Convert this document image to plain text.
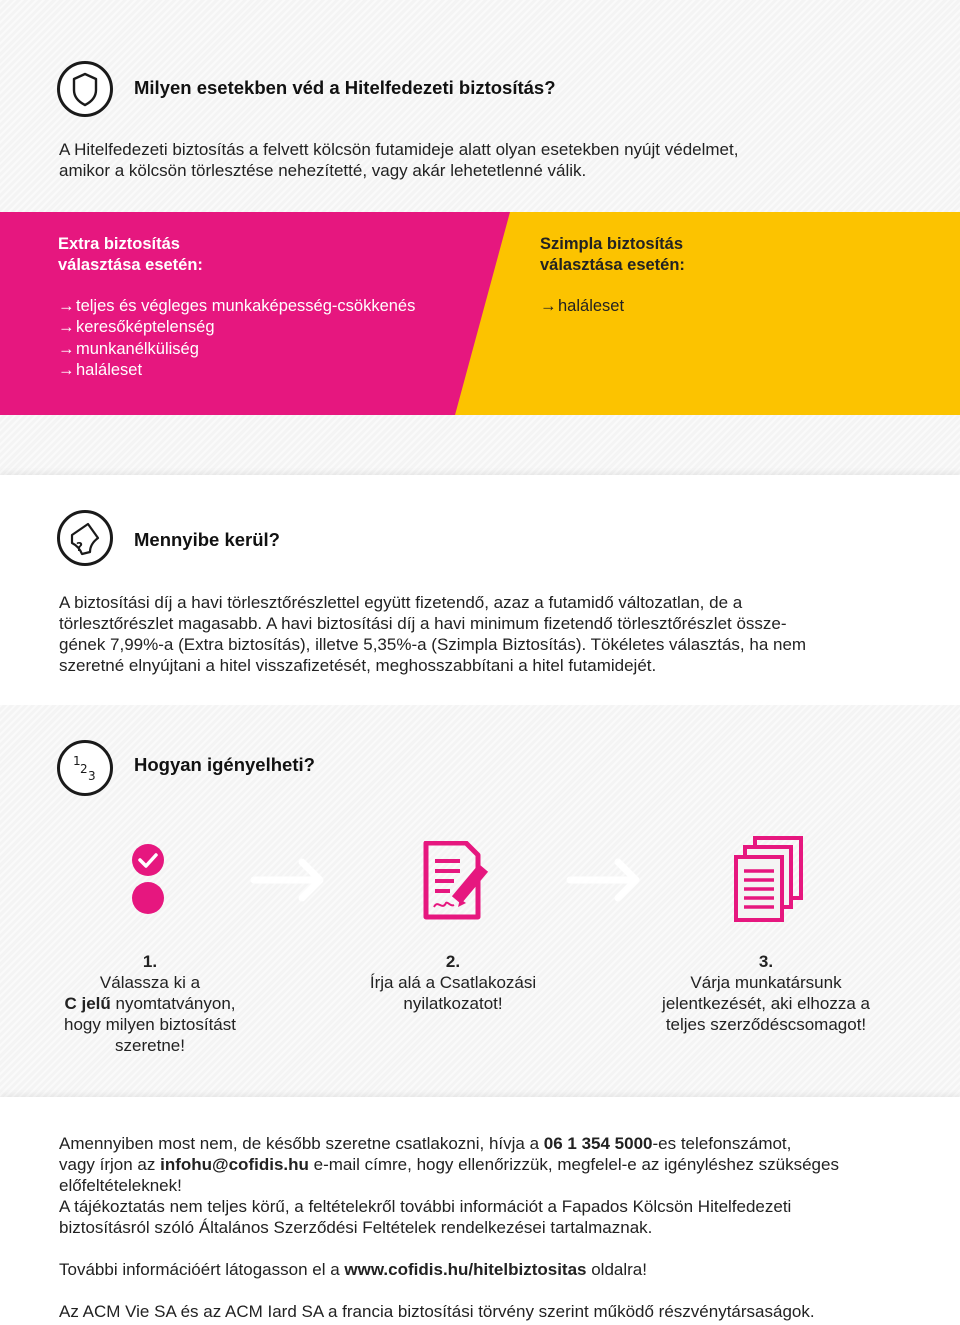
Milyen esetekben véd a Hitelfedezeti biztosítás?
A Hitelfedezeti biztosítás a felvett kölcsön futamideje alatt olyan esetekben nyújt védelmet,
amikor a kölcsön törlesztése nehezítetté, vagy akár lehetetlenné válik.
Extra biztosítás
választása esetén:
→ teljes és végleges munkaképesség-csökkenés
→ keresőképtelenség
→ munkanélküliség
→ haláleset
Szimpla biztosítás
választása esetén:
→ haláleset
?	Mennyibe kerül?
A biztosítási díj a havi törlesztőrészlettel együtt fizetendő, azaz a futamidő változatlan, de a
törlesztőrészlet magasabb. A havi biztosítási díj a havi minimum fizetendő törlesztőrészlet össze-
gének 7,99%-a (Extra biztosítás), illetve 5,35%-a (Szimpla Biztosítás). Tökéletes választás, ha nem
szeretné elnyújtani a hitel visszafizetését, meghosszabbítani a hitel futamidejét.
1
2 3
Hogyan igényelheti?
1.
Válassza ki a
C jelű nyomtatványon,
hogy milyen biztosítást
szeretne!
2.
Írja alá a Csatlakozási
nyilatkozatot!
3.
Várja munkatársunk
jelentkezését, aki elhozza a
teljes szerződéscsomagot!

Amennyiben most nem, de később szeretne csatlakozni, hívja a 06 1 354 5000-es telefonszámot,

vagy írjon az infohu@cofidis.hu e-mail címre, hogy ellenőrizzük, megfelel-e az igényléshez szükséges

előfeltételeknek!

A tájékoztatás nem teljes körű, a feltételekről további információt a Fapados Kölcsön Hitelfedezeti

biztosításról szóló Általános Szerződési Feltételek rendelkezései tartalmaznak.

További információért látogasson el a www.cofidis.hu/hitelbiztositas oldalra!
Az ACM Vie SA és az ACM Iard SA a francia biztosítási törvény szerint működő részvénytársaságok.
